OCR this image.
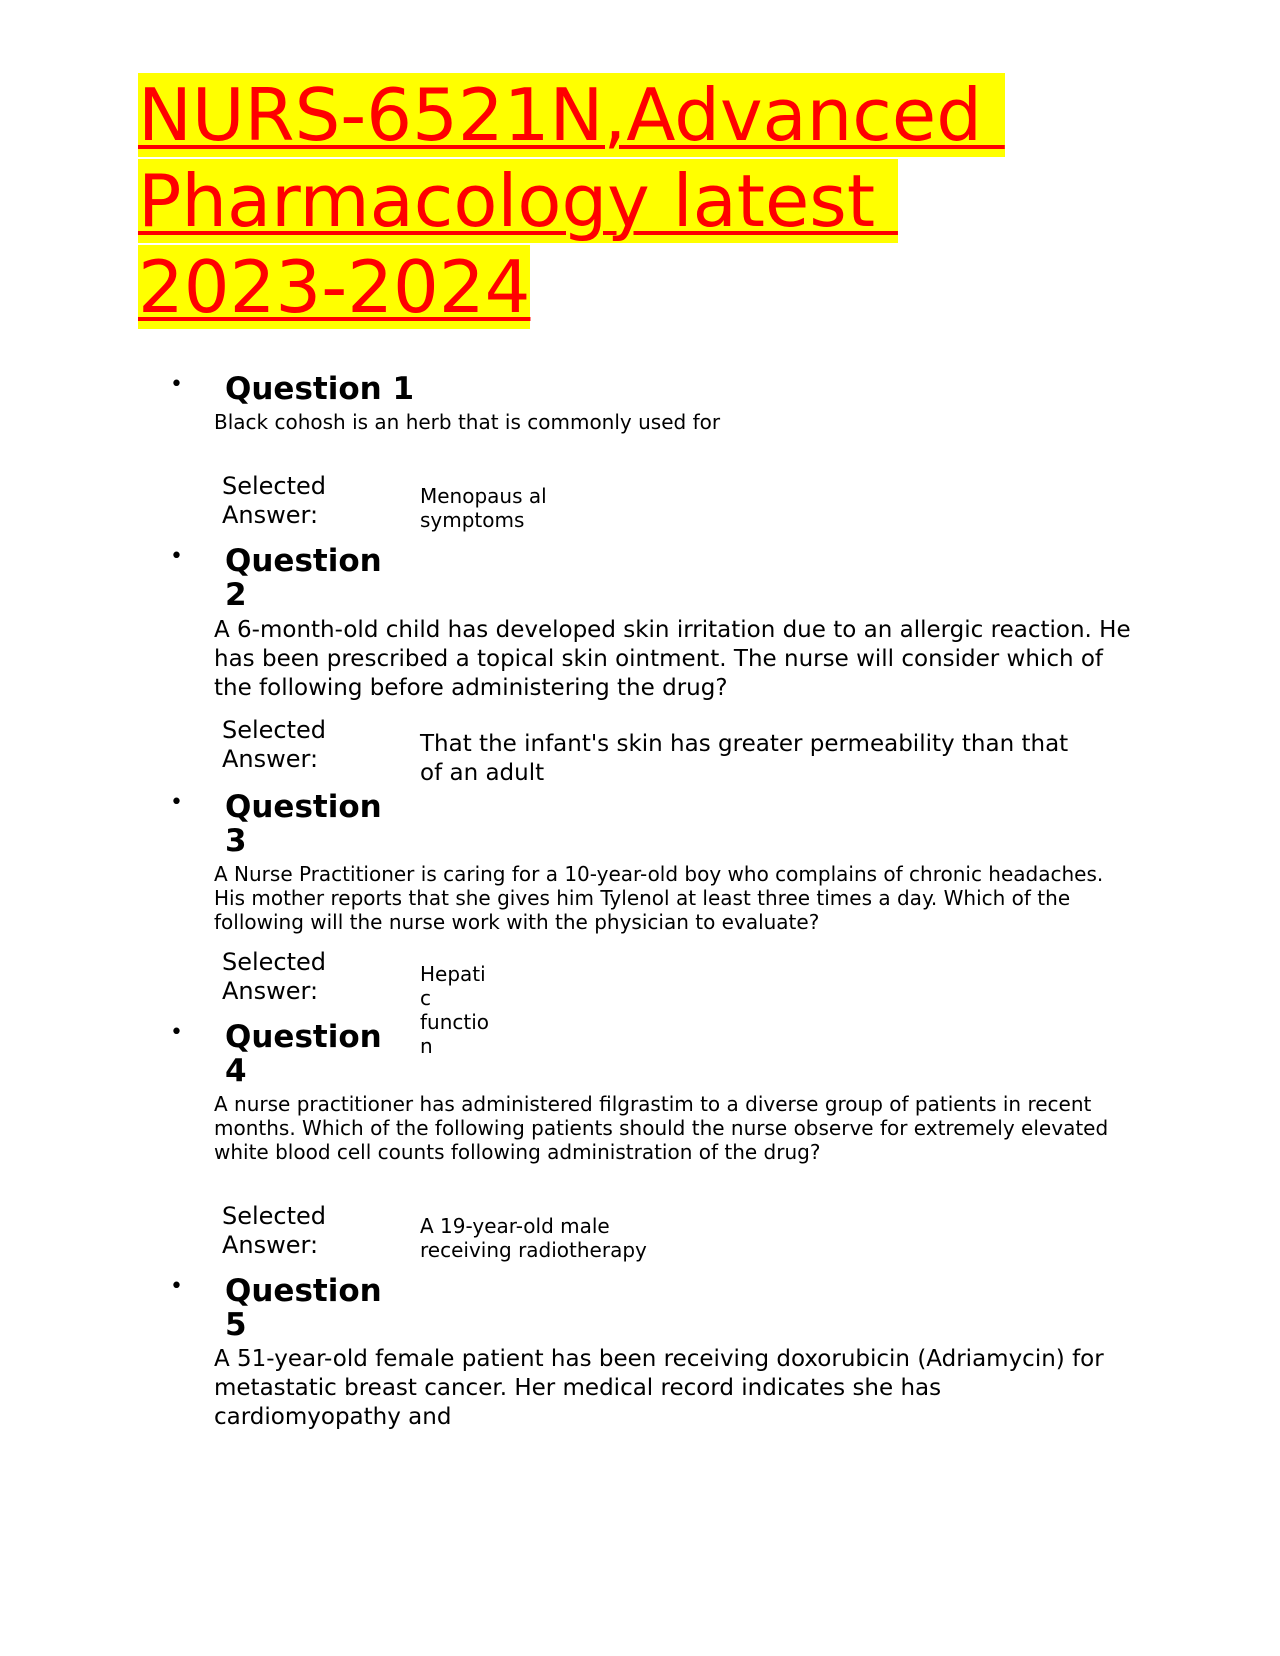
NURS-6521N,Advanced
Pharmacology latest
2023-2024
• Question 1
Black cohosh is an herb that is commonly used for
Selected Answer:
Menopaus al symptoms
• Question 2
A 6-month-old child has developed skin irritation due to an allergic reaction. He has been prescribed a topical skin ointment. The nurse will consider which of the following before administering the drug?
Selected Answer:
That the infant's skin has greater permeability than that of an adult
• Question 3
A Nurse Practitioner is caring for a 10-year-old boy who complains of chronic headaches. His mother reports that she gives him Tylenol at least three times a day. Which of the following will the nurse work with the physician to evaluate?
Selected Answer:
Hepati c functio n
• Question 4
A nurse practitioner has administered filgrastim to a diverse group of patients in recent months. Which of the following patients should the nurse observe for extremely elevated white blood cell counts following administration of the drug?
Selected Answer:
A 19-year-old male receiving radiotherapy
• Question 5
A 51-year-old female patient has been receiving doxorubicin (Adriamycin) for metastatic breast cancer. Her medical record indicates she has cardiomyopathy and
